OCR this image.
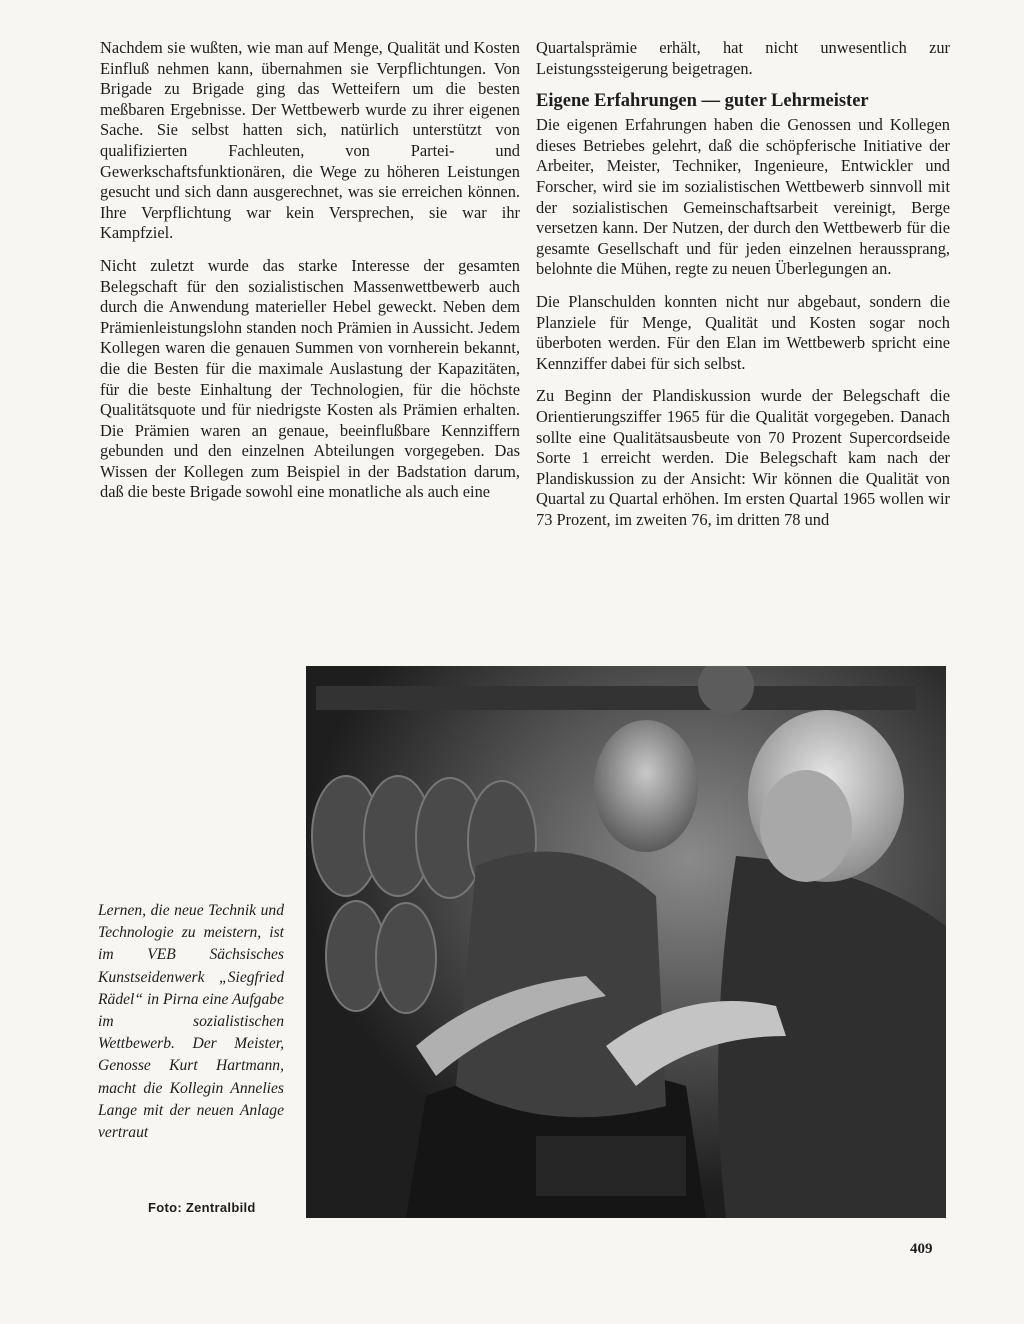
Nachdem sie wußten, wie man auf Menge, Qualität und Kosten Einfluß nehmen kann, übernahmen sie Verpflichtungen. Von Brigade zu Brigade ging das Wetteifern um die besten meßbaren Ergebnisse. Der Wettbewerb wurde zu ihrer eigenen Sache. Sie selbst hatten sich, natürlich unterstützt von qualifizierten Fachleuten, von Partei- und Gewerkschaftsfunktionären, die Wege zu höheren Leistungen gesucht und sich dann ausgerechnet, was sie erreichen können. Ihre Verpflichtung war kein Versprechen, sie war ihr Kampfziel.

Nicht zuletzt wurde das starke Interesse der gesamten Belegschaft für den sozialistischen Massenwettbewerb auch durch die Anwendung materieller Hebel geweckt. Neben dem Prämienleistungslohn standen noch Prämien in Aussicht. Jedem Kollegen waren die genauen Summen von vornherein bekannt, die die Besten für die maximale Auslastung der Kapazitäten, für die beste Einhaltung der Technologien, für die höchste Qualitätsquote und für niedrigste Kosten als Prämien erhalten. Die Prämien waren an genaue, beeinflußbare Kennziffern gebunden und den einzelnen Abteilungen vorgegeben. Das Wissen der Kollegen zum Beispiel in der Badstation darum, daß die beste Brigade sowohl eine monatliche als auch eine

Quartalsprämie erhält, hat nicht unwesentlich zur Leistungssteigerung beigetragen.

Eigene Erfahrungen — guter Lehrmeister

Die eigenen Erfahrungen haben die Genossen und Kollegen dieses Betriebes gelehrt, daß die schöpferische Initiative der Arbeiter, Meister, Techniker, Ingenieure, Entwickler und Forscher, wird sie im sozialistischen Wettbewerb sinnvoll mit der sozialistischen Gemeinschaftsarbeit vereinigt, Berge versetzen kann. Der Nutzen, der durch den Wettbewerb für die gesamte Gesellschaft und für jeden einzelnen heraussprang, belohnte die Mühen, regte zu neuen Überlegungen an.

Die Planschulden konnten nicht nur abgebaut, sondern die Planziele für Menge, Qualität und Kosten sogar noch überboten werden. Für den Elan im Wettbewerb spricht eine Kennziffer dabei für sich selbst.

Zu Beginn der Plandiskussion wurde der Belegschaft die Orientierungsziffer 1965 für die Qualität vorgegeben. Danach sollte eine Qualitätsausbeute von 70 Prozent Supercordseide Sorte 1 erreicht werden. Die Belegschaft kam nach der Plandiskussion zu der Ansicht: Wir können die Qualität von Quartal zu Quartal erhöhen. Im ersten Quartal 1965 wollen wir 73 Prozent, im zweiten 76, im dritten 78 und

Lernen, die neue Technik und Technologie zu meistern, ist im VEB Sächsisches Kunstseidenwerk „Siegfried Rädel“ in Pirna eine Aufgabe im sozialistischen Wettbewerb. Der Meister, Genosse Kurt Hartmann, macht die Kollegin Annelies Lange mit der neuen Anlage vertraut
Foto: Zentralbild
409
